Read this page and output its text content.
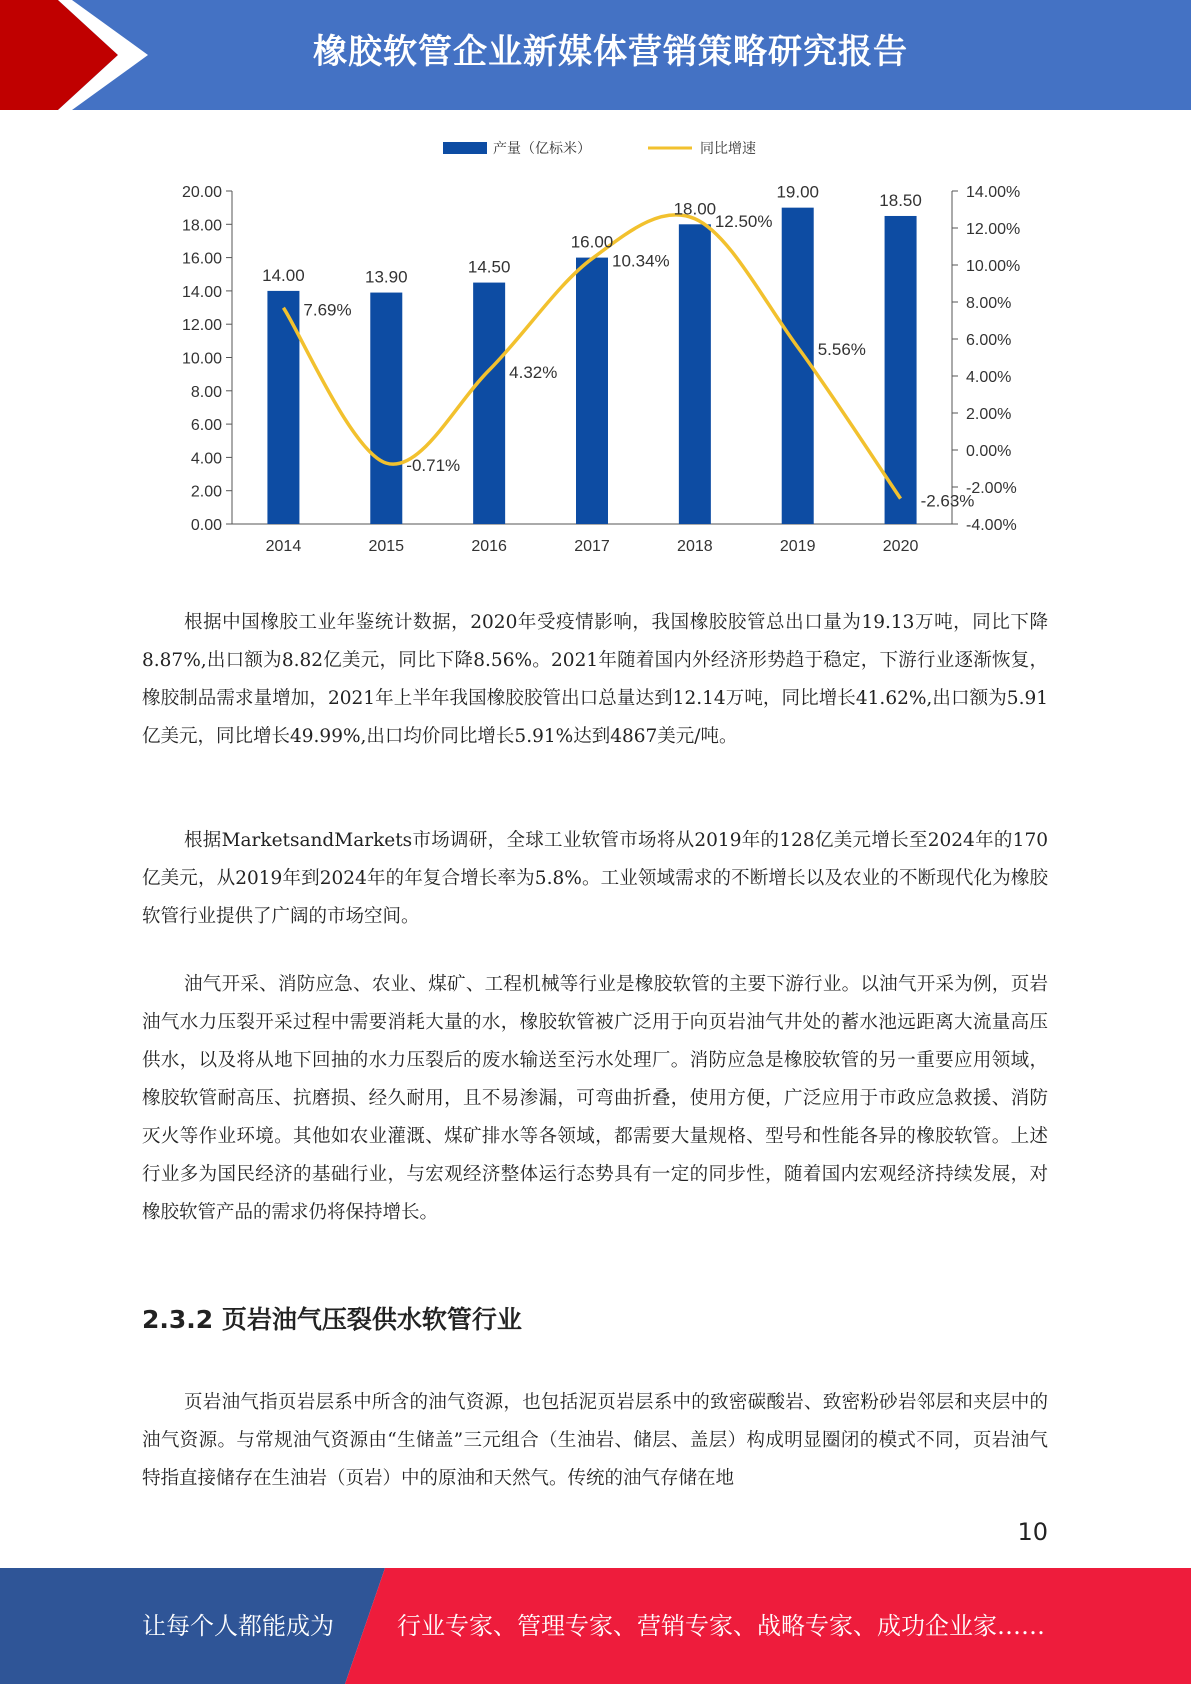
橡胶软管企业新媒体营销策略研究报告
产量（亿标米）	同比增速
0.00
2.00
4.00
6.00
8.00
10.00
12.00
14.00
16.00
18.00
20.00
-4.00%
-2.00%
0.00%
2.00%
4.00%
6.00%
8.00%
10.00%
12.00%
14.00%
2014	2015	2016	2017	2018	2019	2020
14.00	13.90
14.50
16.00
18.00
19.00	18.50
7.69%
-0.71%
4.32%
10.34%
12.50%
5.56%
-2.63%

根据中国橡胶工业年鉴统计数据，2020年受疫情影响，我国橡胶胶管总出口量为19.13万吨，同比下降8.87%,出口额为8.82亿美元，同比下降8.56%。2021年随着国内外经济形势趋于稳定，下游行业逐渐恢复，橡胶制品需求量增加，2021年上半年我国橡胶胶管出口总量达到12.14万吨，同比增长41.62%,出口额为5.91亿美元，同比增长49.99%,出口均价同比增长5.91%达到4867美元/吨。

根据MarketsandMarkets市场调研，全球工业软管市场将从2019年的128亿美元增长至2024年的170亿美元，从2019年到2024年的年复合增长率为5.8%。工业领域需求的不断增长以及农业的不断现代化为橡胶软管行业提供了广阔的市场空间。

油气开采、消防应急、农业、煤矿、工程机械等行业是橡胶软管的主要下游行业。以油气开采为例，页岩油气水力压裂开采过程中需要消耗大量的水，橡胶软管被广泛用于向页岩油气井处的蓄水池远距离大流量高压供水，以及将从地下回抽的水力压裂后的废水输送至污水处理厂。消防应急是橡胶软管的另一重要应用领域，橡胶软管耐高压、抗磨损、经久耐用，且不易渗漏，可弯曲折叠，使用方便，广泛应用于市政应急救援、消防灭火等作业环境。其他如农业灌溉、煤矿排水等各领域，都需要大量规格、型号和性能各异的橡胶软管。上述行业多为国民经济的基础行业，与宏观经济整体运行态势具有一定的同步性，随着国内宏观经济持续发展，对橡胶软管产品的需求仍将保持增长。

2.3.2 页岩油气压裂供水软管行业

页岩油气指页岩层系中所含的油气资源，也包括泥页岩层系中的致密碳酸岩、致密粉砂岩邻层和夹层中的油气资源。与常规油气资源由“生储盖”三元组合（生油岩、储层、盖层）构成明显圈闭的模式不同，页岩油气特指直接储存在生油岩（页岩）中的原油和天然气。传统的油气存储在地

10
让每个人都能成为	行业专家、管理专家、营销专家、战略专家、成功企业家……
